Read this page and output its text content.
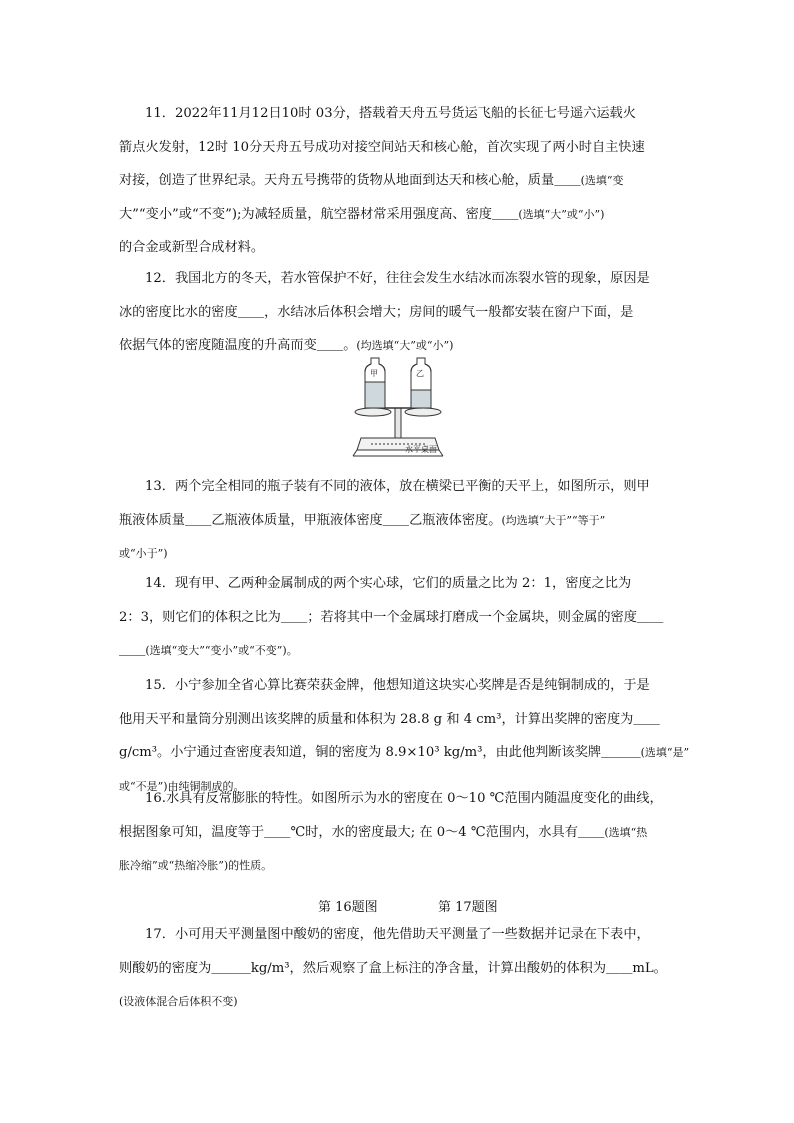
11．2022年11月12日10时 03分，搭载着天舟五号货运飞船的长征七号遥六运载火
箭点火发射，12时 10分天舟五号成功对接空间站天和核心舱，首次实现了两小时自主快速
对接，创造了世界纪录。天舟五号携带的货物从地面到达天和核心舱，质量＿＿(选填“变
大”“变小”或“不变”);为减轻质量，航空器材常采用强度高、密度＿＿(选填“大”或“小”)
的合金或新型合成材料。
12．我国北方的冬天，若水管保护不好，往往会发生水结冰而冻裂水管的现象，原因是
冰的密度比水的密度＿＿，水结冰后体积会增大；房间的暖气一般都安装在窗户下面，是
依据气体的密度随温度的升高而变＿＿。(均选填“大”或“小”)
甲	乙
水平桌面
13．两个完全相同的瓶子装有不同的液体，放在横梁已平衡的天平上，如图所示，则甲
瓶液体质量＿＿乙瓶液体质量，甲瓶液体密度＿＿乙瓶液体密度。(均选填“大于”“等于”
或“小于”)
14．现有甲、乙两种金属制成的两个实心球，它们的质量之比为 2：1，密度之比为
2：3，则它们的体积之比为＿＿；若将其中一个金属球打磨成一个金属块，则金属的密度＿＿
＿＿(选填“变大”“变小”或“不变”)。
15．小宁参加全省心算比赛荣获金牌，他想知道这块实心奖牌是否是纯铜制成的，于是
他用天平和量筒分别测出该奖牌的质量和体积为 28.8 g 和 4 cm³，计算出奖牌的密度为＿＿
g/cm³。小宁通过查密度表知道，铜的密度为 8.9×10³ kg/m³，由此他判断该奖牌＿＿＿(选填“是”
或“不是”)由纯铜制成的。
16.水具有反常膨胀的特性。如图所示为水的密度在 0～10 ℃范围内随温度变化的曲线，
根据图象可知，温度等于＿＿℃时，水的密度最大; 在 0～4 ℃范围内，水具有＿＿(选填“热
胀冷缩”或“热缩冷胀”)的性质。
第 16题图	第 17题图
17．小可用天平测量图中酸奶的密度，他先借助天平测量了一些数据并记录在下表中，
则酸奶的密度为＿＿＿kg/m³，然后观察了盒上标注的净含量，计算出酸奶的体积为＿＿mL。
(设液体混合后体积不变)
